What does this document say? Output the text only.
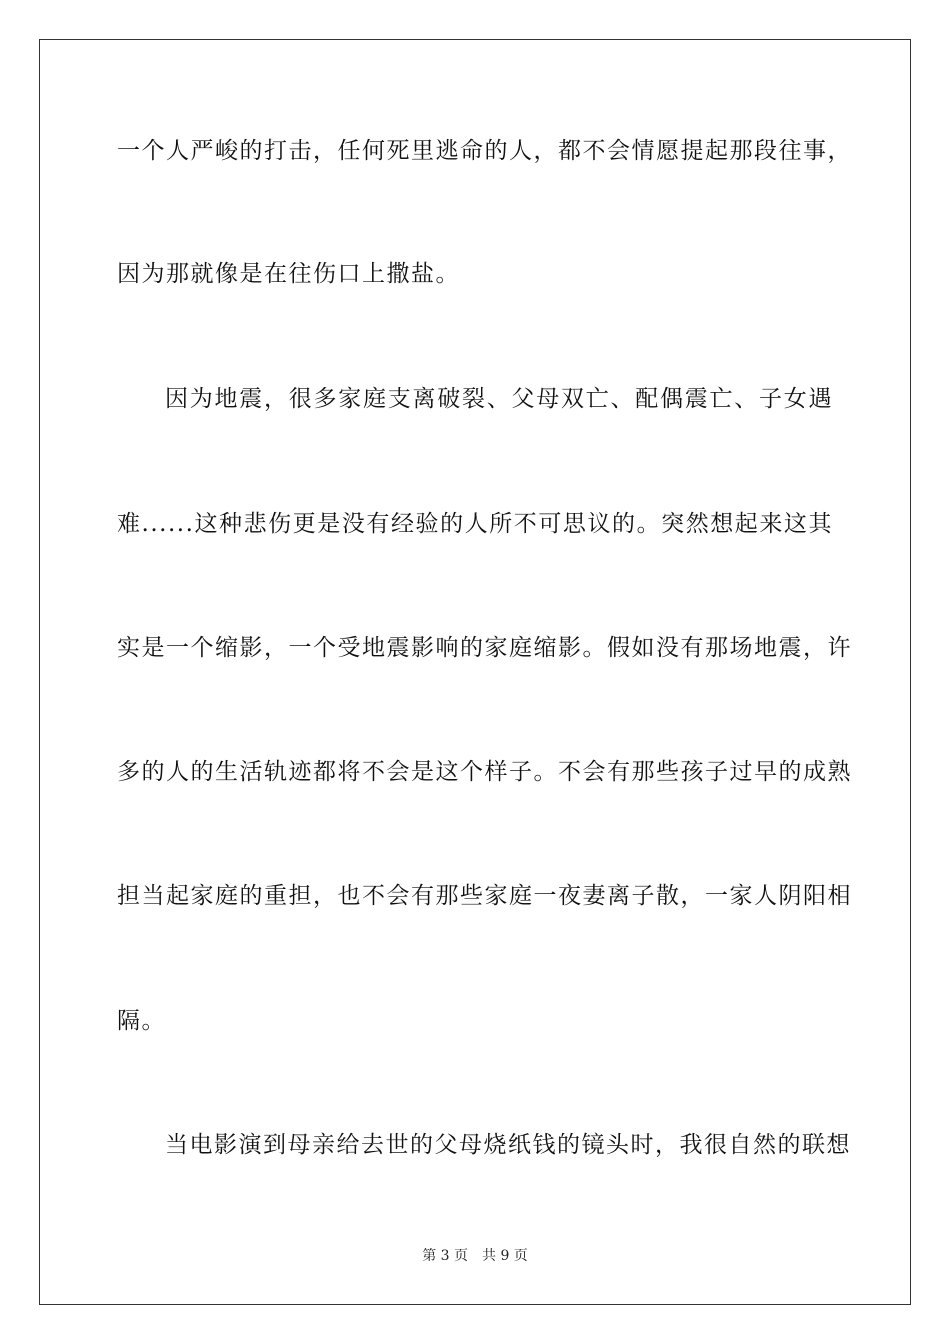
一个人严峻的打击，任何死里逃命的人，都不会情愿提起那段往事，
因为那就像是在往伤口上撒盐。
因为地震，很多家庭支离破裂、父母双亡、配偶震亡、子女遇
难......这种悲伤更是没有经验的人所不可思议的。突然想起来这其
实是一个缩影，一个受地震影响的家庭缩影。假如没有那场地震，许
多的人的生活轨迹都将不会是这个样子。不会有那些孩子过早的成熟
担当起家庭的重担，也不会有那些家庭一夜妻离子散，一家人阴阳相
隔。
当电影演到母亲给去世的父母烧纸钱的镜头时，我很自然的联想
第 3 页 共 9 页
